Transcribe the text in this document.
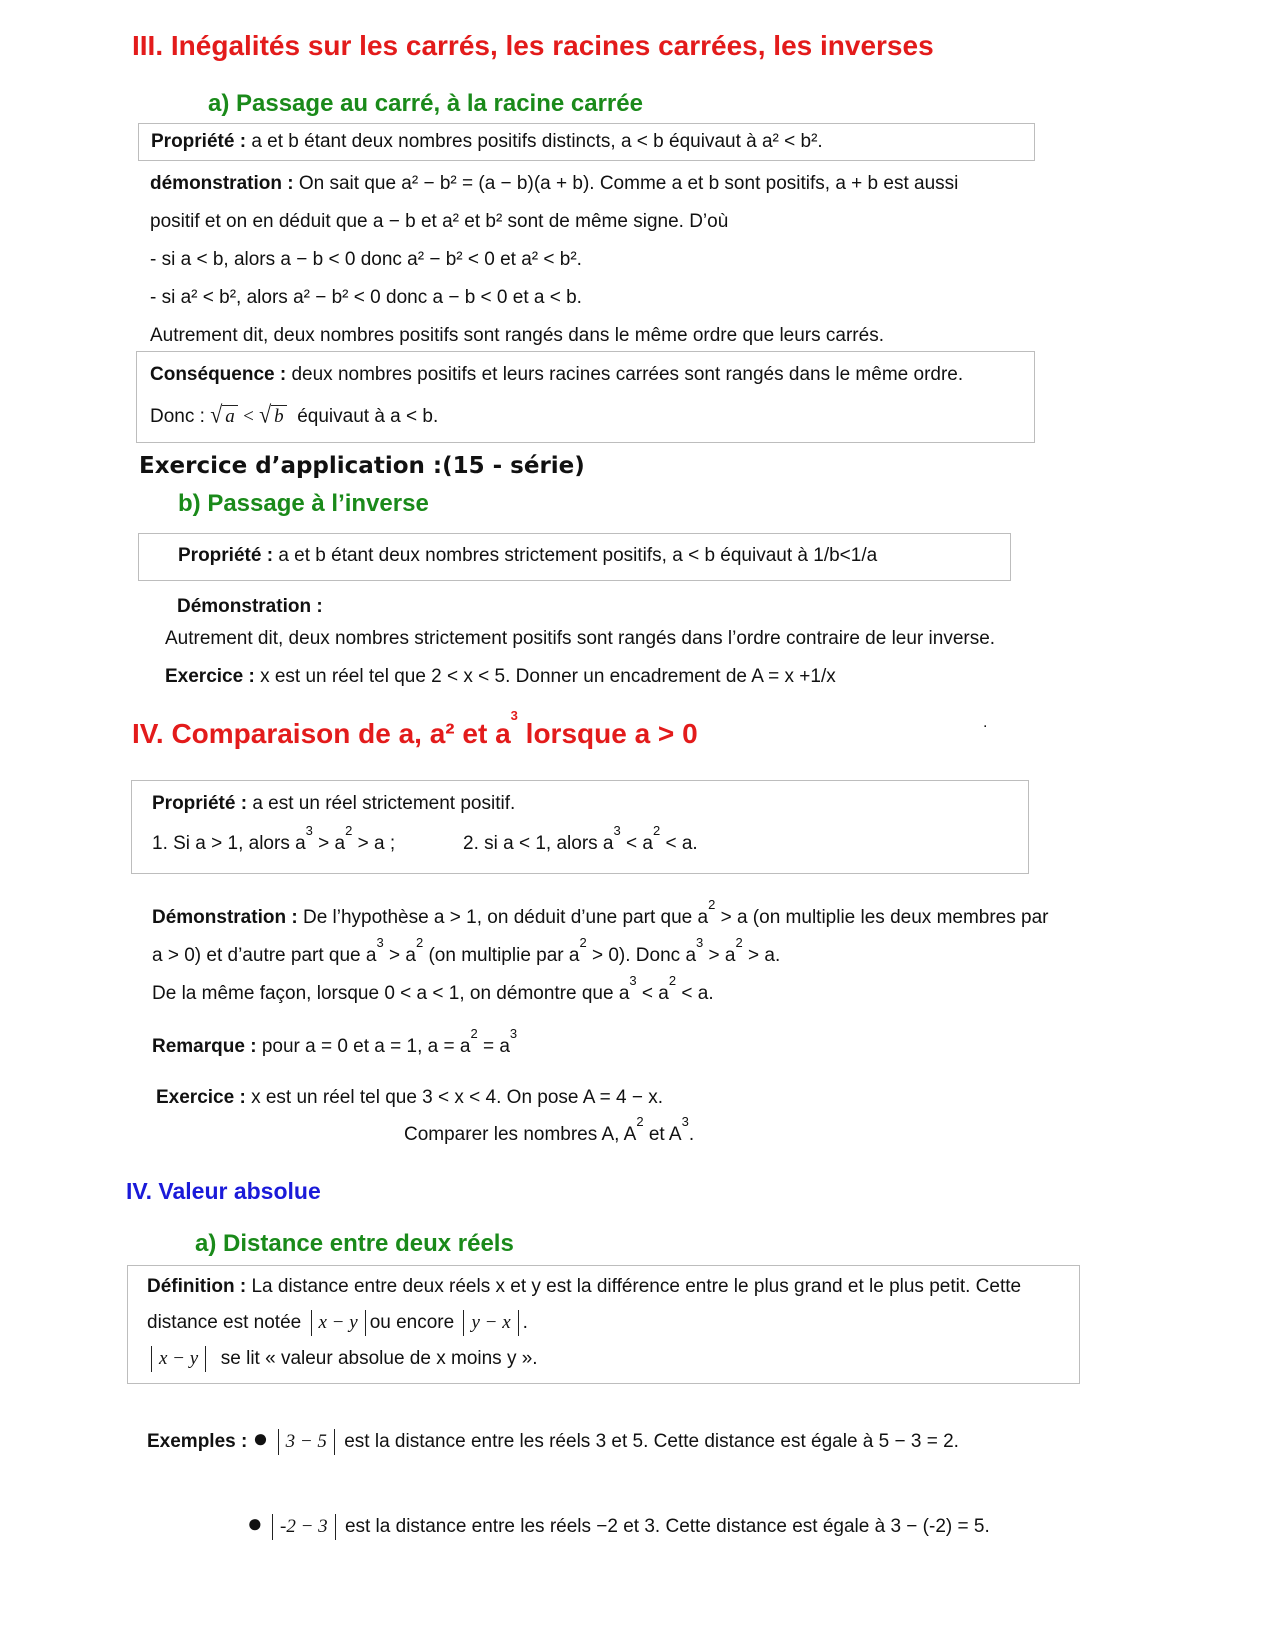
III. Inégalités sur les carrés, les racines carrées, les inverses
a) Passage au carré, à la racine carrée
Propriété : a et b étant deux nombres positifs distincts, a < b équivaut à a² < b².
démonstration : On sait que a² − b² = (a − b)(a + b). Comme a et b sont positifs, a + b est aussi
positif et on en déduit que a − b et a² et b² sont de même signe. D’où
- si a < b, alors a − b < 0 donc a² − b² < 0 et a² < b².
- si a² < b², alors a² − b² < 0 donc a − b < 0 et a < b.
Autrement dit, deux nombres positifs sont rangés dans le même ordre que leurs carrés.
Conséquence : deux nombres positifs et leurs racines carrées sont rangés dans le même ordre.
Donc : √ a < √ b équivaut à a < b.
Exercice d’application :(15 - série)
b) Passage à l’inverse
Propriété : a et b étant deux nombres strictement positifs, a < b équivaut à 1/b<1/a
Démonstration :
Autrement dit, deux nombres strictement positifs sont rangés dans l’ordre contraire de leur inverse.
Exercice : x est un réel tel que 2 < x < 5. Donner un encadrement de A = x +1/x
IV. Comparaison de a, a² et $a^3$ lorsque a > 0	.
Propriété : a est un réel strictement positif.
1. Si a > 1, alors $a^3 > a^2 > a$ ;	2. si a < 1, alors $a^3 < a^2 < a$.
Démonstration : De l’hypothèse a > 1, on déduit d’une part que $a^2 > a$ (on multiplie les deux membres par
a > 0) et d’autre part que $a^3 > a^2$ (on multiplie par $a^2 > 0$). Donc $a^3 > a^2 > a$.
De la même façon, lorsque 0 < a < 1, on démontre que $a^3 < a^2 < a$.
Remarque : pour a = 0 et a = 1, $a = a^2 = a^3$
Exercice : x est un réel tel que 3 < x < 4. On pose A = 4 − x.
Comparer les nombres A, $A^2$ et $A^3$.
IV. Valeur absolue
a) Distance entre deux réels
Définition : La distance entre deux réels x et y est la différence entre le plus grand et le plus petit. Cette
distance est notée x − y ou encore y − x .
x − y se lit « valeur absolue de x moins y ».
Exemples : ● 3 − 5 est la distance entre les réels 3 et 5. Cette distance est égale à 5 − 3 = 2.
● -2 − 3 est la distance entre les réels −2 et 3. Cette distance est égale à 3 − (-2) = 5.
